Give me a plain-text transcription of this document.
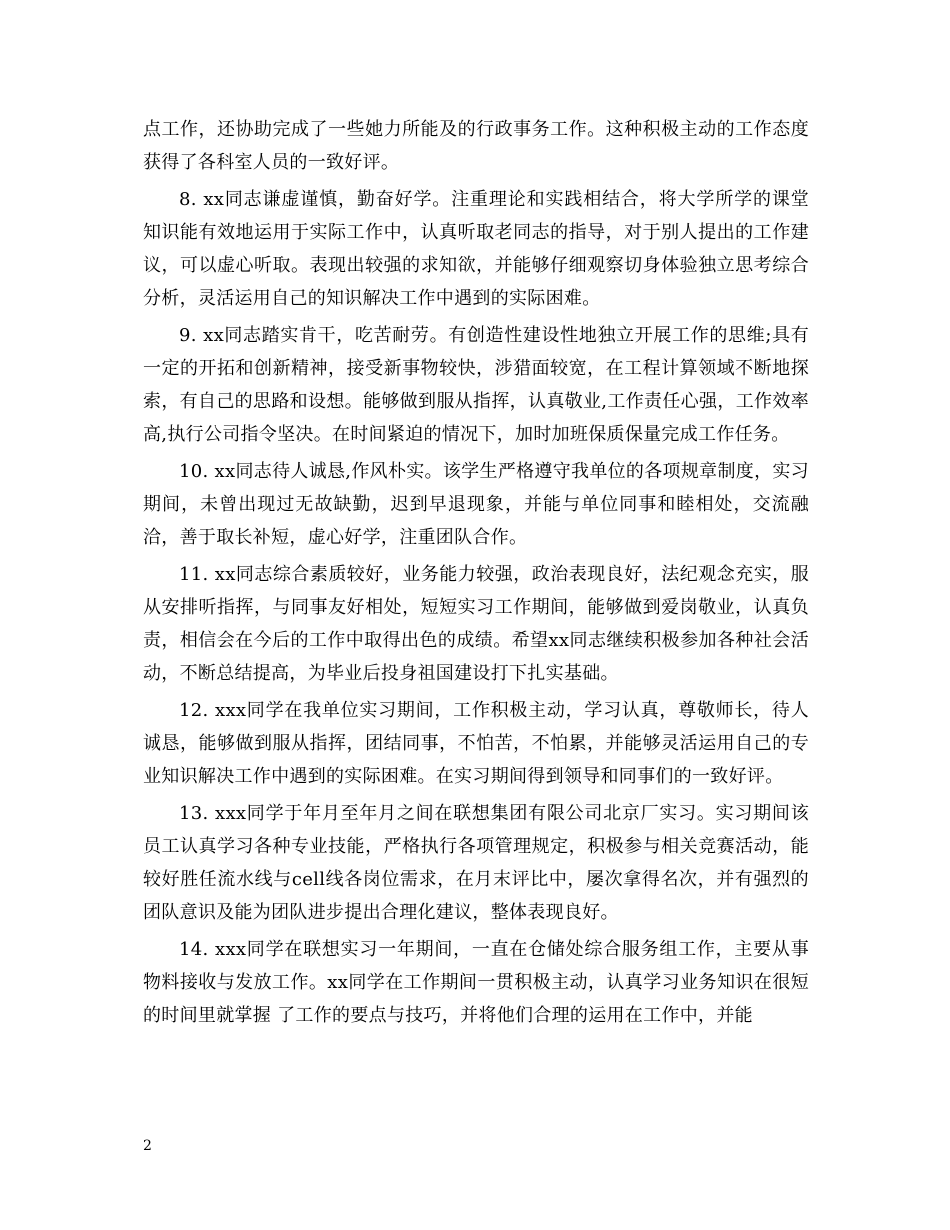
点工作，还协助完成了一些她力所能及的行政事务工作。这种积极主动的工作态度获得了各科室人员的一致好评。

8. xx同志谦虚谨慎，勤奋好学。注重理论和实践相结合，将大学所学的课堂知识能有效地运用于实际工作中，认真听取老同志的指导，对于别人提出的工作建议，可以虚心听取。表现出较强的求知欲，并能够仔细观察切身体验独立思考综合分析，灵活运用自己的知识解决工作中遇到的实际困难。

9. xx同志踏实肯干，吃苦耐劳。有创造性建设性地独立开展工作的思维;具有一定的开拓和创新精神，接受新事物较快，涉猎面较宽，在工程计算领域不断地探索，有自己的思路和设想。能够做到服从指挥，认真敬业,工作责任心强，工作效率高,执行公司指令坚决。在时间紧迫的情况下，加时加班保质保量完成工作任务。

10. xx同志待人诚恳,作风朴实。该学生严格遵守我单位的各项规章制度，实习期间，未曾出现过无故缺勤，迟到早退现象，并能与单位同事和睦相处，交流融洽，善于取长补短，虚心好学，注重团队合作。

11. xx同志综合素质较好，业务能力较强，政治表现良好，法纪观念充实，服从安排听指挥，与同事友好相处，短短实习工作期间，能够做到爱岗敬业，认真负责，相信会在今后的工作中取得出色的成绩。希望xx同志继续积极参加各种社会活动，不断总结提高，为毕业后投身祖国建设打下扎实基础。

12. xxx同学在我单位实习期间，工作积极主动，学习认真，尊敬师长，待人诚恳，能够做到服从指挥，团结同事，不怕苦，不怕累，并能够灵活运用自己的专业知识解决工作中遇到的实际困难。在实习期间得到领导和同事们的一致好评。

13. xxx同学于年月至年月之间在联想集团有限公司北京厂实习。实习期间该员工认真学习各种专业技能，严格执行各项管理规定，积极参与相关竞赛活动，能较好胜任流水线与cell线各岗位需求，在月末评比中，屡次拿得名次，并有强烈的团队意识及能为团队进步提出合理化建议，整体表现良好。

14. xxx同学在联想实习一年期间，一直在仓储处综合服务组工作，主要从事物料接收与发放工作。xx同学在工作期间一贯积极主动，认真学习业务知识在很短的时间里就掌握 了工作的要点与技巧，并将他们合理的运用在工作中，并能

2
